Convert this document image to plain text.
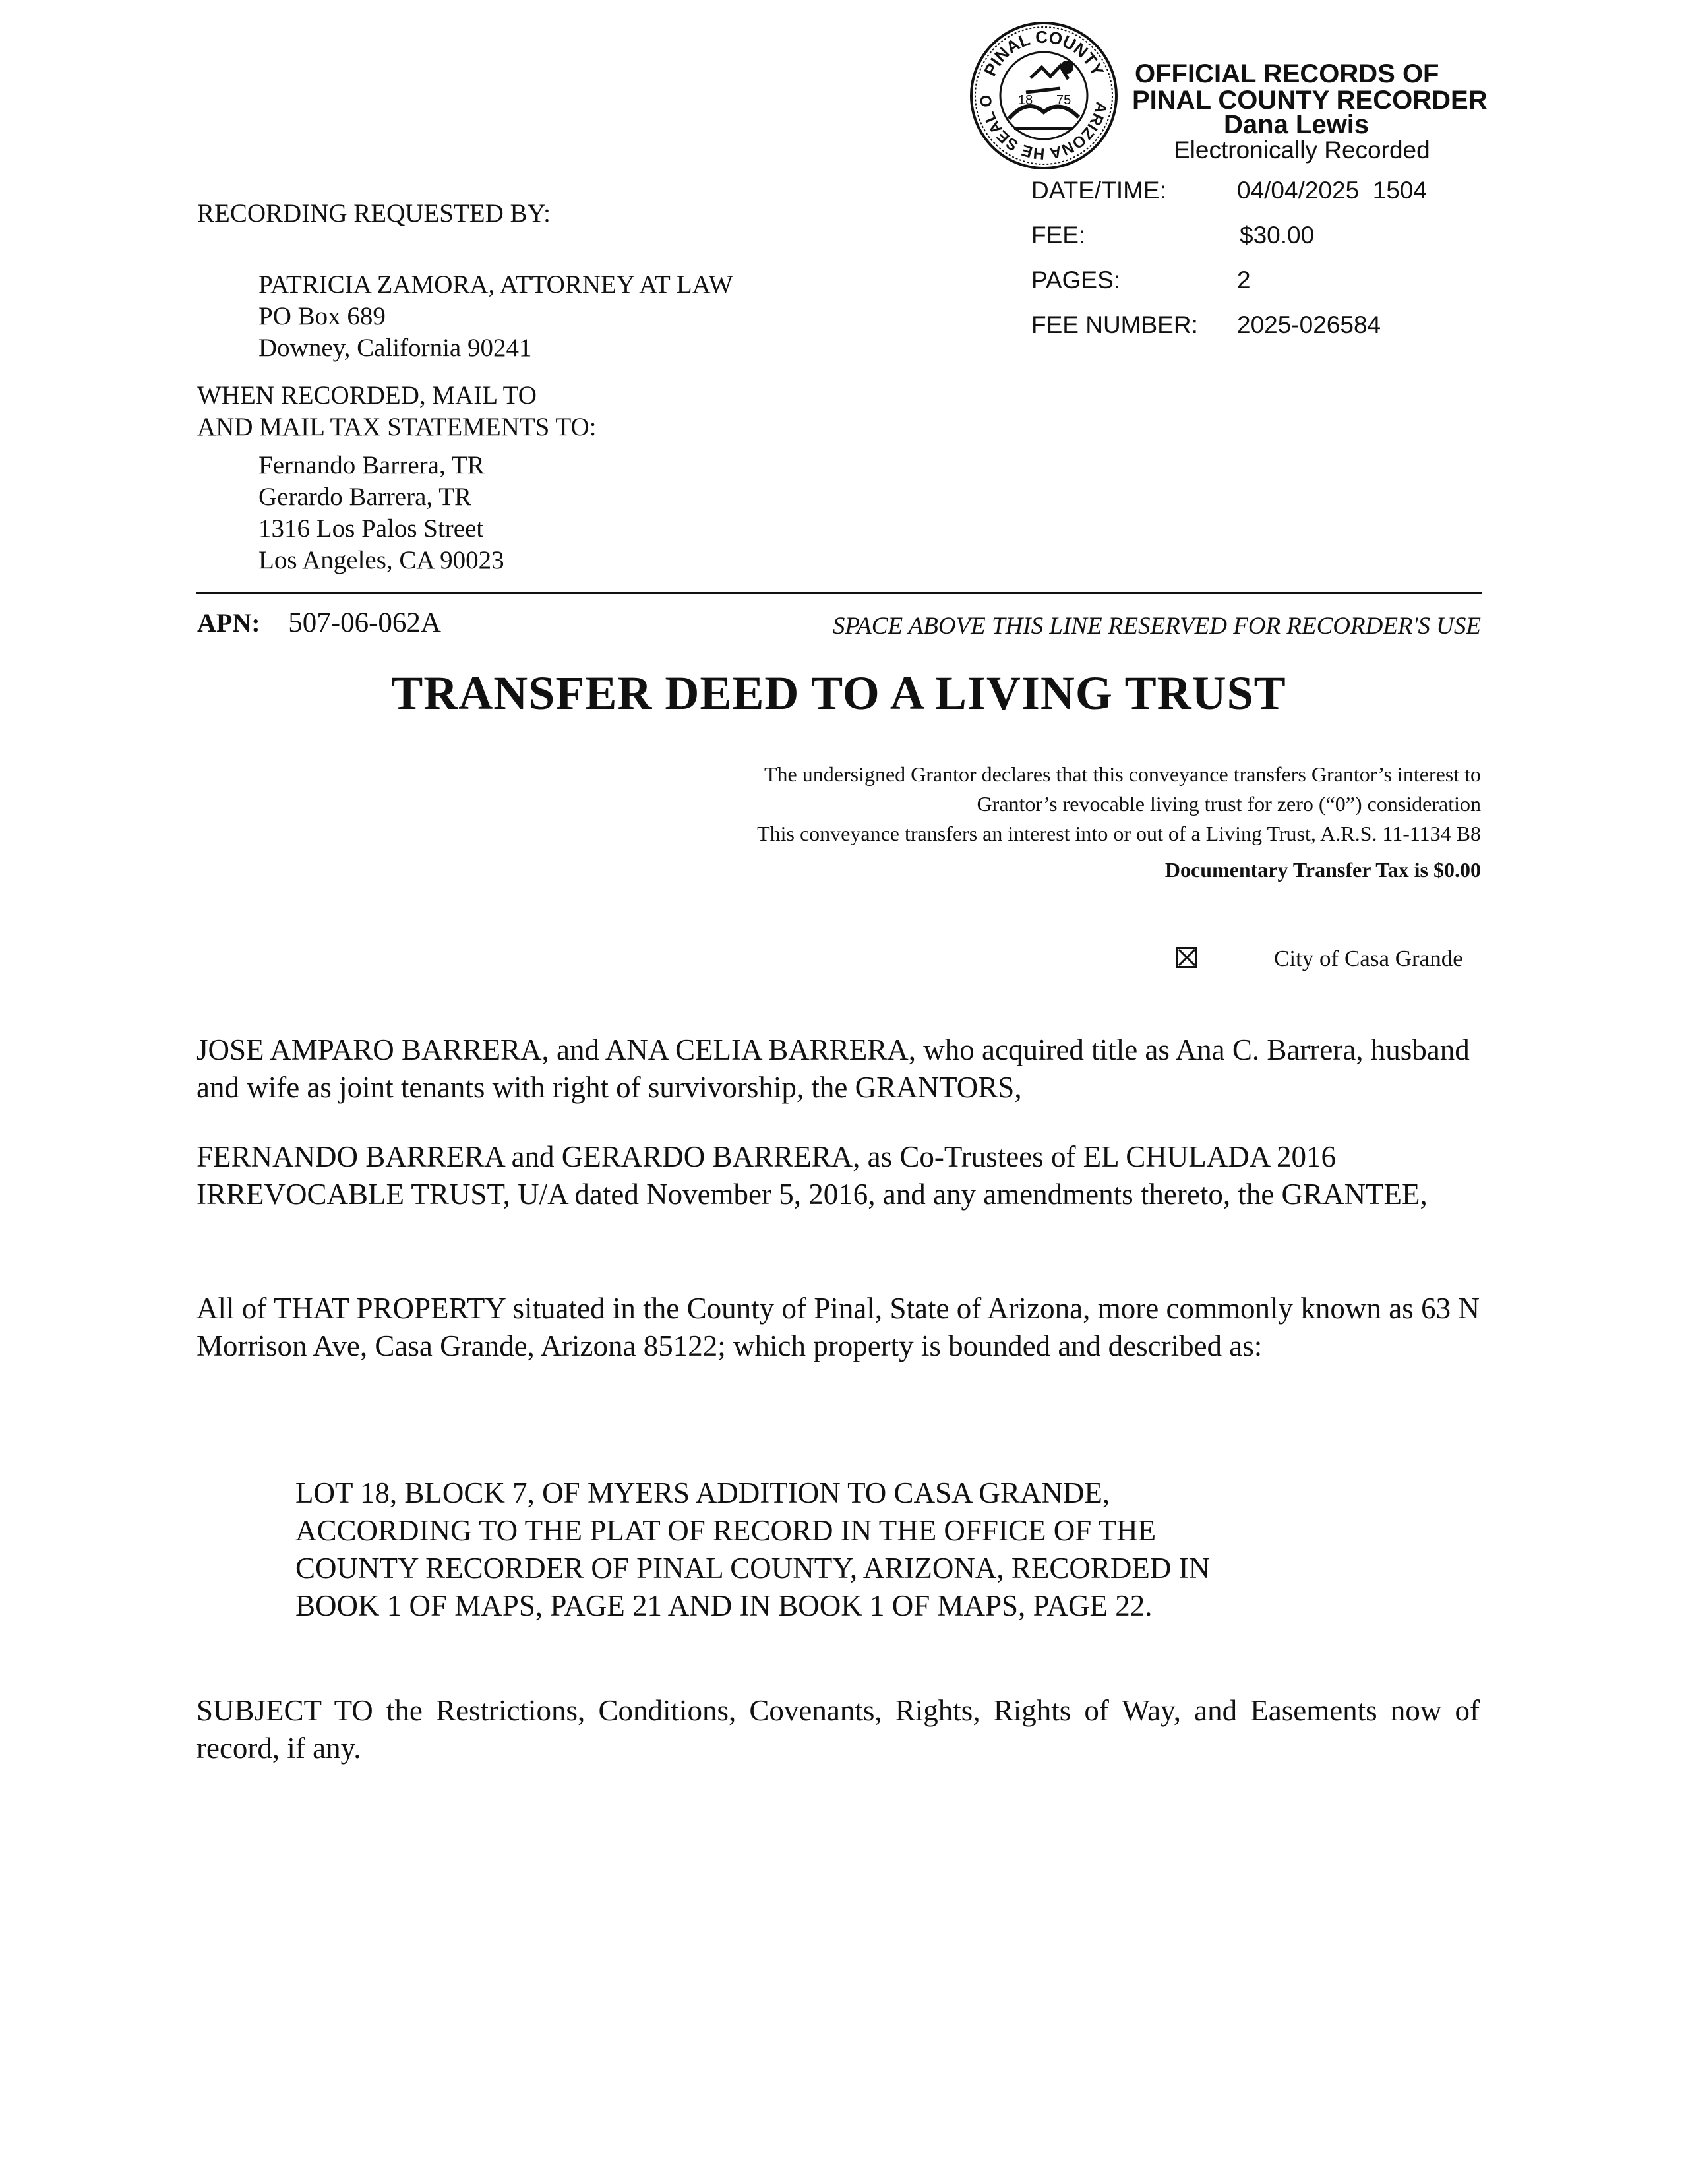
PINAL COUNTY
HE SEAL O	ARIZONA
18 75
OFFICIAL RECORDS OF
PINAL COUNTY RECORDER
Dana Lewis
Electronically Recorded
DATE/TIME:	04/04/2025  1504
FEE:	$30.00
PAGES:	2
FEE NUMBER: 2025-026584
RECORDING REQUESTED BY:
PATRICIA ZAMORA, ATTORNEY AT LAW
PO Box 689
Downey, California 90241
WHEN RECORDED, MAIL TO
AND MAIL TAX STATEMENTS TO:
Fernando Barrera, TR
Gerardo Barrera, TR
1316 Los Palos Street
Los Angeles, CA 90023
APN: 507-06-062A	SPACE ABOVE THIS LINE RESERVED FOR RECORDER'S USE
TRANSFER DEED TO A LIVING TRUST
The undersigned Grantor declares that this conveyance transfers Grantor’s interest to
Grantor’s revocable living trust for zero (“0”) consideration
This conveyance transfers an interest into or out of a Living Trust, A.R.S. 11-1134 B8
Documentary Transfer Tax is $0.00
City of Casa Grande
JOSE AMPARO BARRERA, and ANA CELIA BARRERA, who acquired title as Ana C. Barrera, husband and wife as joint tenants with right of survivorship, the GRANTORS,
FERNANDO BARRERA and GERARDO BARRERA, as Co-Trustees of EL CHULADA 2016 IRREVOCABLE TRUST, U/A dated November 5, 2016, and any amendments thereto, the GRANTEE,
All of THAT PROPERTY situated in the County of Pinal, State of Arizona, more commonly known as 63 N Morrison Ave, Casa Grande, Arizona 85122; which property is bounded and described as:
LOT 18, BLOCK 7, OF MYERS ADDITION TO CASA GRANDE,
ACCORDING TO THE PLAT OF RECORD IN THE OFFICE OF THE
COUNTY RECORDER OF PINAL COUNTY, ARIZONA, RECORDED IN
BOOK 1 OF MAPS, PAGE 21 AND IN BOOK 1 OF MAPS, PAGE 22.
SUBJECT TO the Restrictions, Conditions, Covenants, Rights, Rights of Way, and Easements now of record, if any.
